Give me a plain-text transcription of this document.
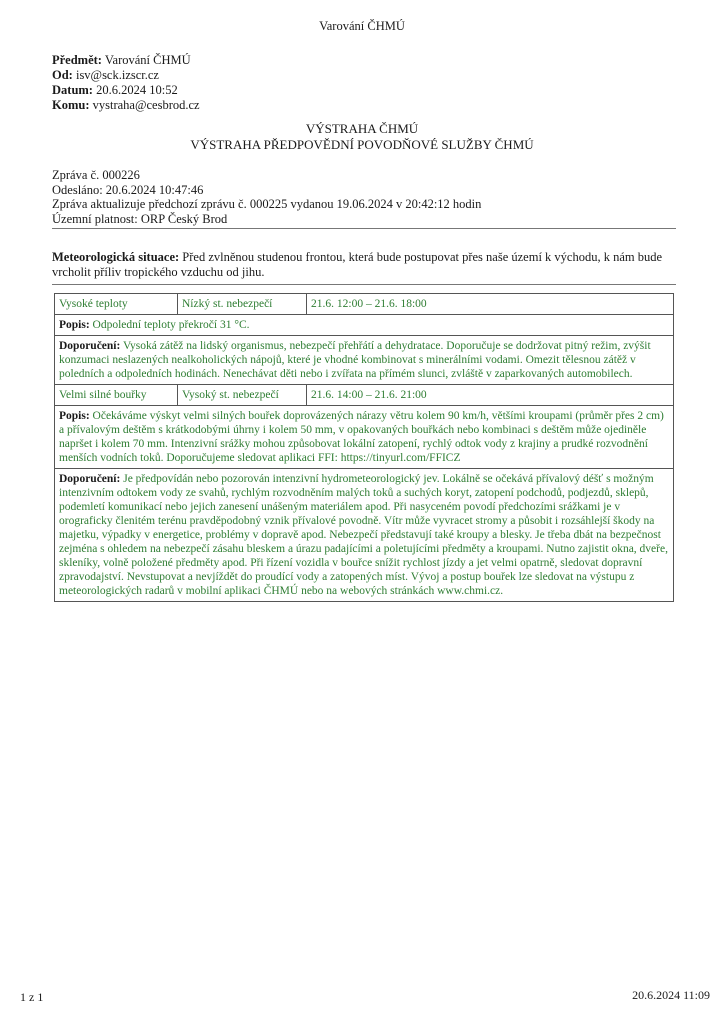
Varování ČHMÚ
Předmět: Varování ČHMÚ
Od: isv@sck.izscr.cz
Datum: 20.6.2024 10:52
Komu: vystraha@cesbrod.cz
VÝSTRAHA ČHMÚ
VÝSTRAHA PŘEDPOVĚDNÍ POVODŇOVÉ SLUŽBY ČHMÚ
Zpráva č. 000226
Odesláno: 20.6.2024 10:47:46
Zpráva aktualizuje předchozí zprávu č. 000225 vydanou 19.06.2024 v 20:42:12 hodin
Územní platnost: ORP Český Brod
Meteorologická situace: Před zvlněnou studenou frontou, která bude postupovat přes naše území k východu, k nám bude vrcholit příliv tropického vzduchu od jihu.
Vysoké teploty	Nízký st. nebezpečí	21.6. 12:00 – 21.6. 18:00
Popis: Odpolední teploty překročí 31 °C.		
Doporučení: Vysoká zátěž na lidský organismus, nebezpečí přehřátí a dehydratace. Doporučuje se dodržovat pitný režim, zvýšit konzumaci neslazených nealkoholických nápojů, které je vhodné kombinovat s minerálními vodami. Omezit tělesnou zátěž v poledních a odpoledních hodinách. Nenechávat děti nebo i zvířata na přímém slunci, zvláště v zaparkovaných automobilech.		
Velmi silné bouřky	Vysoký st. nebezpečí	21.6. 14:00 – 21.6. 21:00
Popis: Očekáváme výskyt velmi silných bouřek doprovázených nárazy větru kolem 90 km/h, většími kroupami (průměr přes 2 cm) a přívalovým deštěm s krátkodobými úhrny i kolem 50 mm, v opakovaných bouřkách nebo kombinaci s deštěm může ojediněle napršet i kolem 70 mm. Intenzivní srážky mohou způsobovat lokální zatopení, rychlý odtok vody z krajiny a prudké rozvodnění menších vodních toků. Doporučujeme sledovat aplikaci FFI: https://tinyurl.com/FFICZ		
Doporučení: Je předpovídán nebo pozorován intenzivní hydrometeorologický jev. Lokálně se očekává přívalový déšť s možným intenzivním odtokem vody ze svahů, rychlým rozvodněním malých toků a suchých koryt, zatopení podchodů, podjezdů, sklepů, podemletí komunikací nebo jejich zanesení unášeným materiálem apod. Při nasyceném povodí předchozími srážkami je v orograficky členitém terénu pravděpodobný vznik přívalové povodně. Vítr může vyvracet stromy a působit i rozsáhlejší škody na majetku, výpadky v energetice, problémy v dopravě apod. Nebezpečí představují také kroupy a blesky. Je třeba dbát na bezpečnost zejména s ohledem na nebezpečí zásahu bleskem a úrazu padajícími a poletujícími předměty a kroupami. Nutno zajistit okna, dveře, skleníky, volně položené předměty apod. Při řízení vozidla v bouřce snížit rychlost jízdy a jet velmi opatrně, sledovat dopravní zpravodajství. Nevstupovat a nevjíždět do proudící vody a zatopených míst. Vývoj a postup bouřek lze sledovat na výstupu z meteorologických radarů v mobilní aplikaci ČHMÚ nebo na webových stránkách www.chmi.cz.		
1 z 1	20.6.2024 11:09
